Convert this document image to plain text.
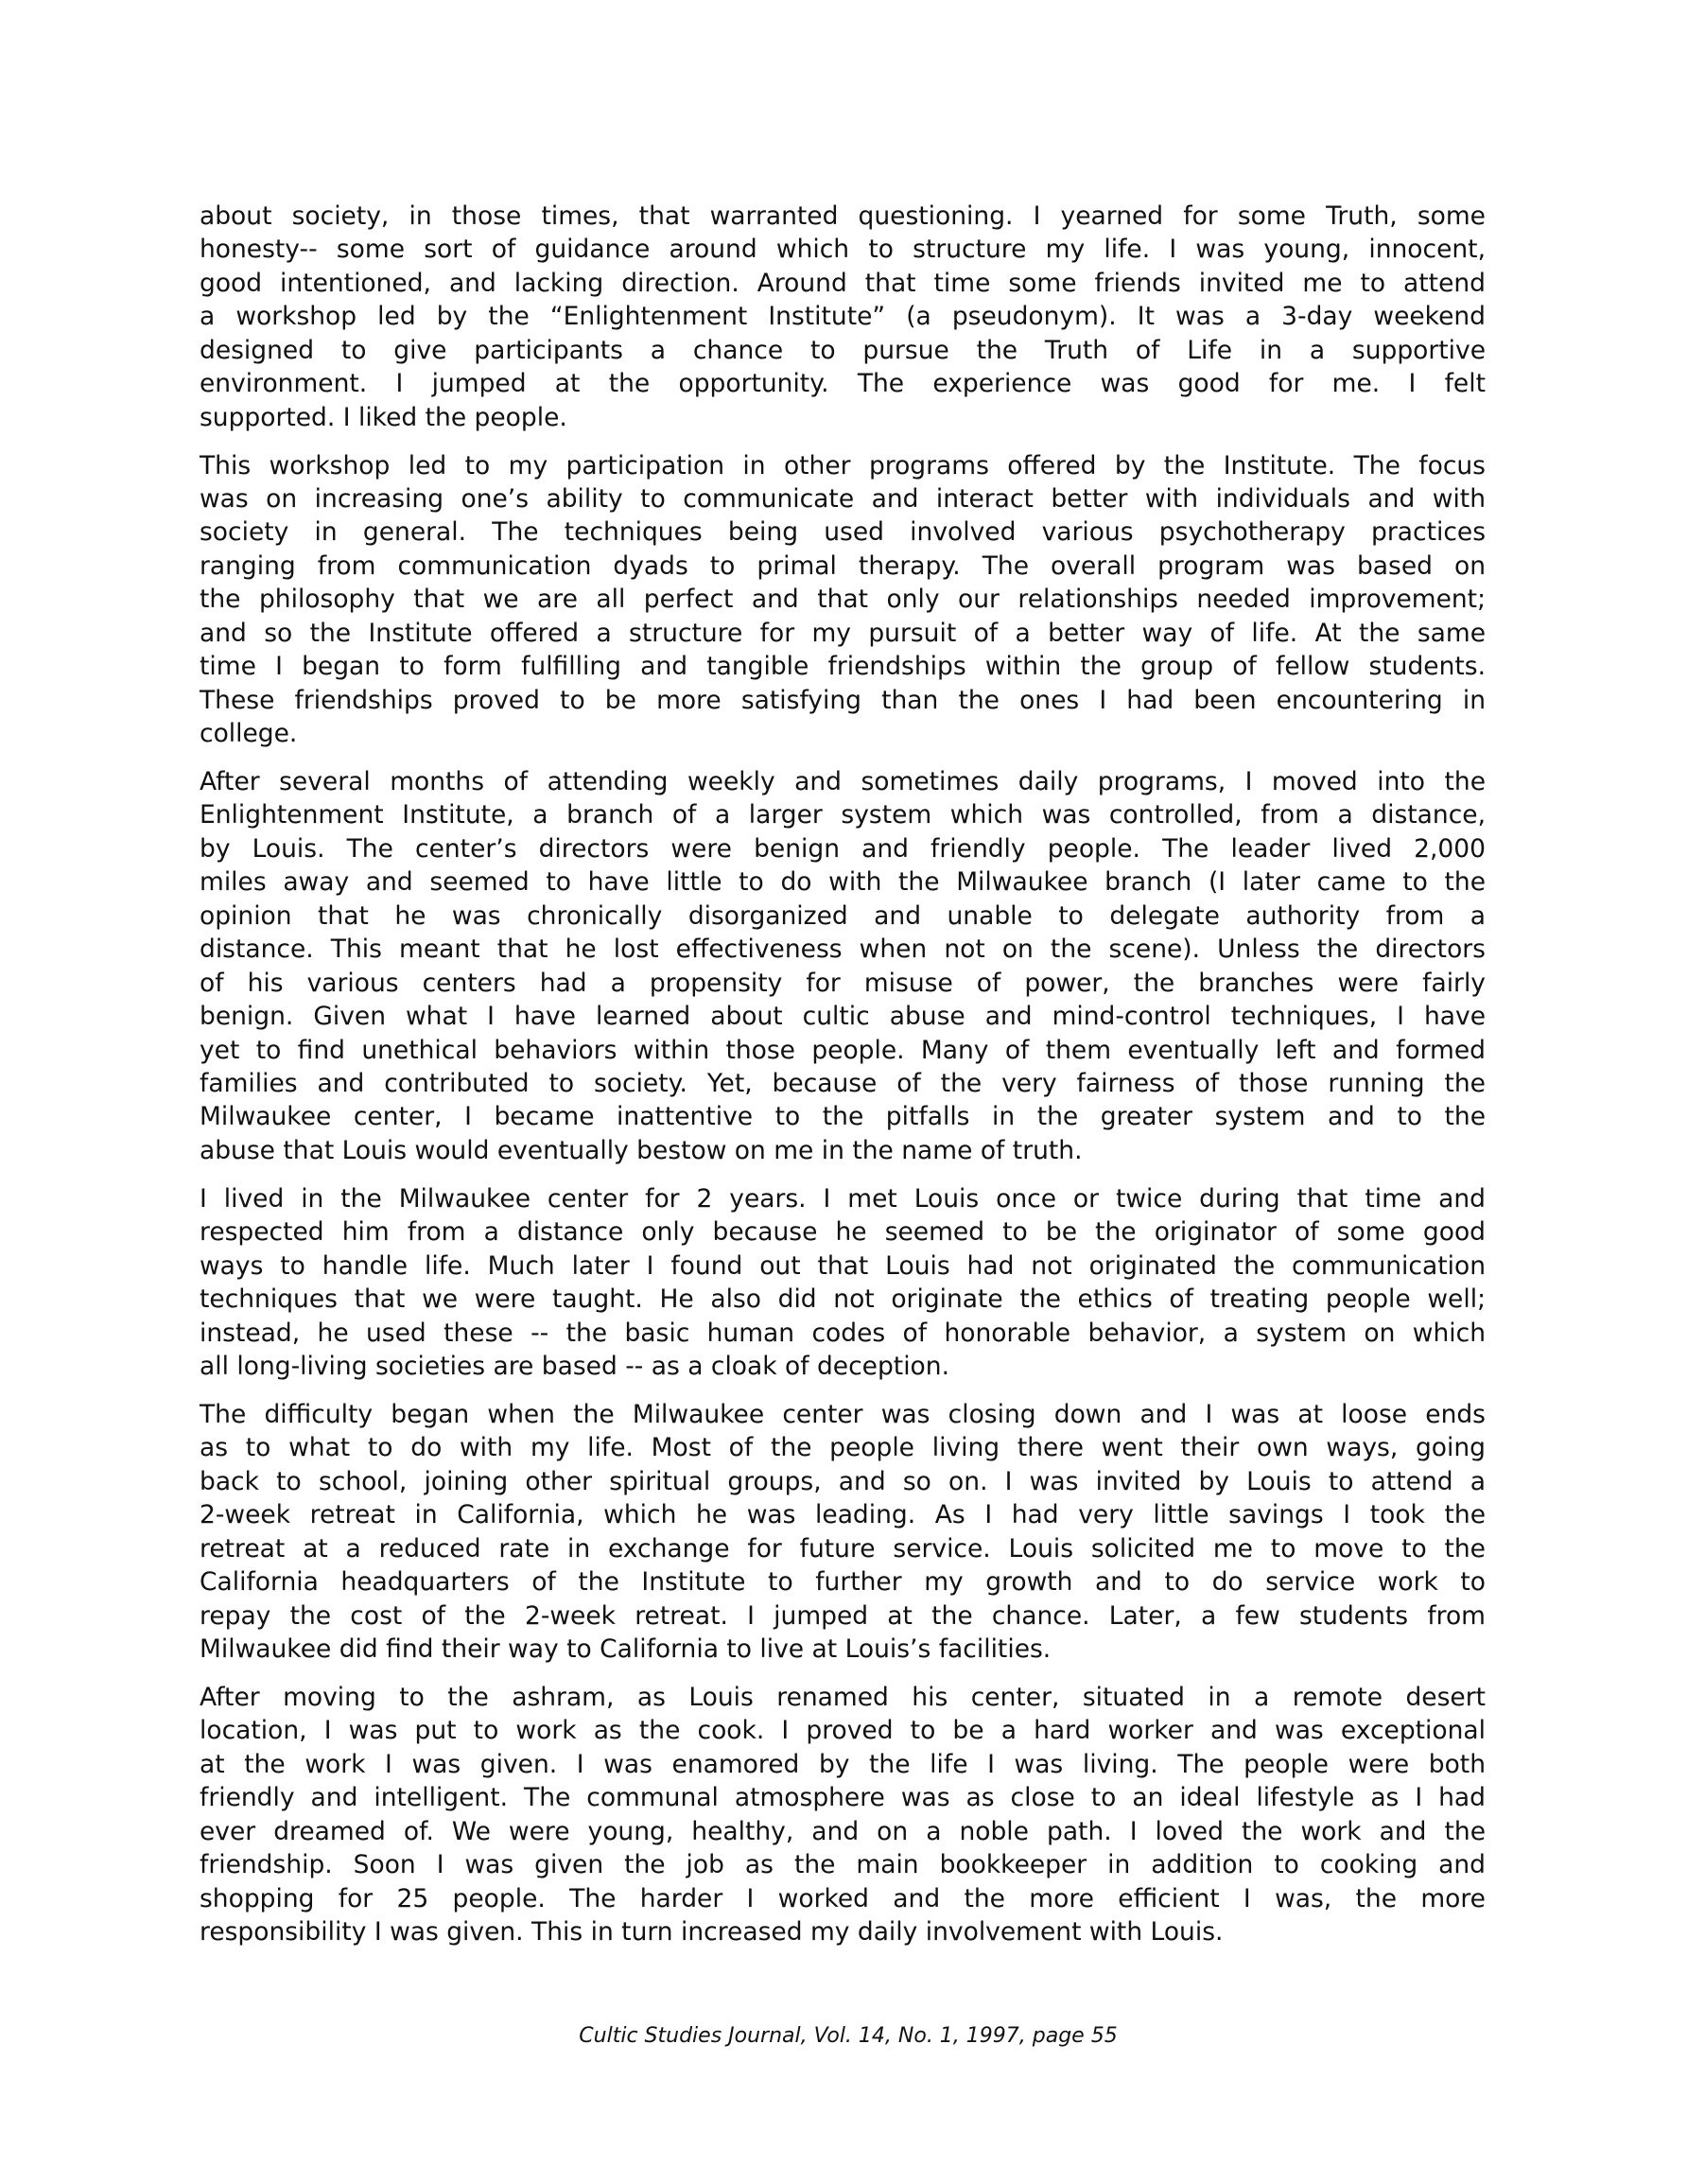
about society, in those times, that warranted questioning. I yearned for some Truth, some
honesty-- some sort of guidance around which to structure my life. I was young, innocent,
good intentioned, and lacking direction. Around that time some friends invited me to attend
a workshop led by the “Enlightenment Institute” (a pseudonym). It was a 3-day weekend
designed to give participants a chance to pursue the Truth of Life in a supportive
environment. I jumped at the opportunity. The experience was good for me. I felt
supported. I liked the people.
This workshop led to my participation in other programs offered by the Institute. The focus
was on increasing one’s ability to communicate and interact better with individuals and with
society in general. The techniques being used involved various psychotherapy practices
ranging from communication dyads to primal therapy. The overall program was based on
the philosophy that we are all perfect and that only our relationships needed improvement;
and so the Institute offered a structure for my pursuit of a better way of life. At the same
time I began to form fulfilling and tangible friendships within the group of fellow students.
These friendships proved to be more satisfying than the ones I had been encountering in
college.
After several months of attending weekly and sometimes daily programs, I moved into the
Enlightenment Institute, a branch of a larger system which was controlled, from a distance,
by Louis. The center’s directors were benign and friendly people. The leader lived 2,000
miles away and seemed to have little to do with the Milwaukee branch (I later came to the
opinion that he was chronically disorganized and unable to delegate authority from a
distance. This meant that he lost effectiveness when not on the scene). Unless the directors
of his various centers had a propensity for misuse of power, the branches were fairly
benign. Given what I have learned about cultic abuse and mind-control techniques, I have
yet to find unethical behaviors within those people. Many of them eventually left and formed
families and contributed to society. Yet, because of the very fairness of those running the
Milwaukee center, I became inattentive to the pitfalls in the greater system and to the
abuse that Louis would eventually bestow on me in the name of truth.
I lived in the Milwaukee center for 2 years. I met Louis once or twice during that time and
respected him from a distance only because he seemed to be the originator of some good
ways to handle life. Much later I found out that Louis had not originated the communication
techniques that we were taught. He also did not originate the ethics of treating people well;
instead, he used these -- the basic human codes of honorable behavior, a system on which
all long-living societies are based -- as a cloak of deception.
The difficulty began when the Milwaukee center was closing down and I was at loose ends
as to what to do with my life. Most of the people living there went their own ways, going
back to school, joining other spiritual groups, and so on. I was invited by Louis to attend a
2-week retreat in California, which he was leading. As I had very little savings I took the
retreat at a reduced rate in exchange for future service. Louis solicited me to move to the
California headquarters of the Institute to further my growth and to do service work to
repay the cost of the 2-week retreat. I jumped at the chance. Later, a few students from
Milwaukee did find their way to California to live at Louis’s facilities.
After moving to the ashram, as Louis renamed his center, situated in a remote desert
location, I was put to work as the cook. I proved to be a hard worker and was exceptional
at the work I was given. I was enamored by the life I was living. The people were both
friendly and intelligent. The communal atmosphere was as close to an ideal lifestyle as I had
ever dreamed of. We were young, healthy, and on a noble path. I loved the work and the
friendship. Soon I was given the job as the main bookkeeper in addition to cooking and
shopping for 25 people. The harder I worked and the more efficient I was, the more
responsibility I was given. This in turn increased my daily involvement with Louis.
Cultic Studies Journal, Vol. 14, No. 1, 1997, page 55
